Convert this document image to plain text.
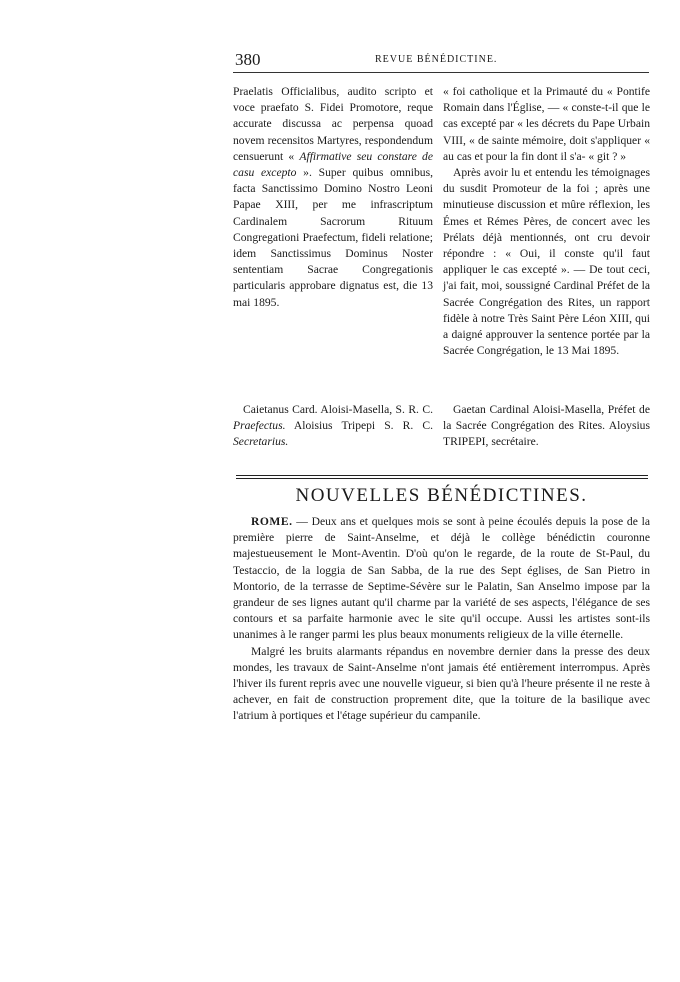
380	REVUE BÉNÉDICTINE.

Praelatis Officialibus, audito scripto et voce praefato S. Fidei Promotore, reque accurate discussa ac perpensa quoad novem recensitos Martyres, respondendum censuerunt « Affirmative seu constare de casu excepto ». Super quibus omnibus, facta Sanctissimo Domino Nostro Leoni Papae XIII, per me infrascriptum Cardinalem Sacrorum Rituum Congregationi Praefectum, fideli relatione; idem Sanctissimus Dominus Noster sententiam Sacrae Congregationis particularis approbare dignatus est, die 13 mai 1895.

« foi catholique et la Primauté du « Pontife Romain dans l'Église, — « conste-t-il que le cas excepté par « les décrets du Pape Urbain VIII, « de sainte mémoire, doit s'appliquer « au cas et pour la fin dont il s'a- « git ? »

Après avoir lu et entendu les témoignages du susdit Promoteur de la foi ; après une minutieuse discussion et mûre réflexion, les Émes et Rémes Pères, de concert avec les Prélats déjà mentionnés, ont cru devoir répondre : « Oui, il conste qu'il faut appliquer le cas excepté ». — De tout ceci, j'ai fait, moi, soussigné Cardinal Préfet de la Sacrée Congrégation des Rites, un rapport fidèle à notre Très Saint Père Léon XIII, qui a daigné approuver la sentence portée par la Sacrée Congrégation, le 13 Mai 1895.

Caietanus Card. Aloisi-Masella, S. R. C. Praefectus. Aloisius Tripepi S. R. C. Secretarius.

Gaetan Cardinal Aloisi-Masella, Préfet de la Sacrée Congrégation des Rites. Aloysius TRIPEPI, secrétaire.

NOUVELLES BÉNÉDICTINES.

ROME. — Deux ans et quelques mois se sont à peine écoulés depuis la pose de la première pierre de Saint-Anselme, et déjà le collège bénédictin couronne majestueusement le Mont-Aventin. D'où qu'on le regarde, de la route de St-Paul, du Testaccio, de la loggia de San Sabba, de la rue des Sept églises, de San Pietro in Montorio, de la terrasse de Septime-Sévère sur le Palatin, San Anselmo impose par la grandeur de ses lignes autant qu'il charme par la variété de ses aspects, l'élégance de ses contours et sa parfaite harmonie avec le site qu'il occupe. Aussi les artistes sont-ils unanimes à le ranger parmi les plus beaux monuments religieux de la ville éternelle.

Malgré les bruits alarmants répandus en novembre dernier dans la presse des deux mondes, les travaux de Saint-Anselme n'ont jamais été entièrement interrompus. Après l'hiver ils furent repris avec une nouvelle vigueur, si bien qu'à l'heure présente il ne reste à achever, en fait de construction proprement dite, que la toiture de la basilique avec l'atrium à portiques et l'étage supérieur du campanile.
